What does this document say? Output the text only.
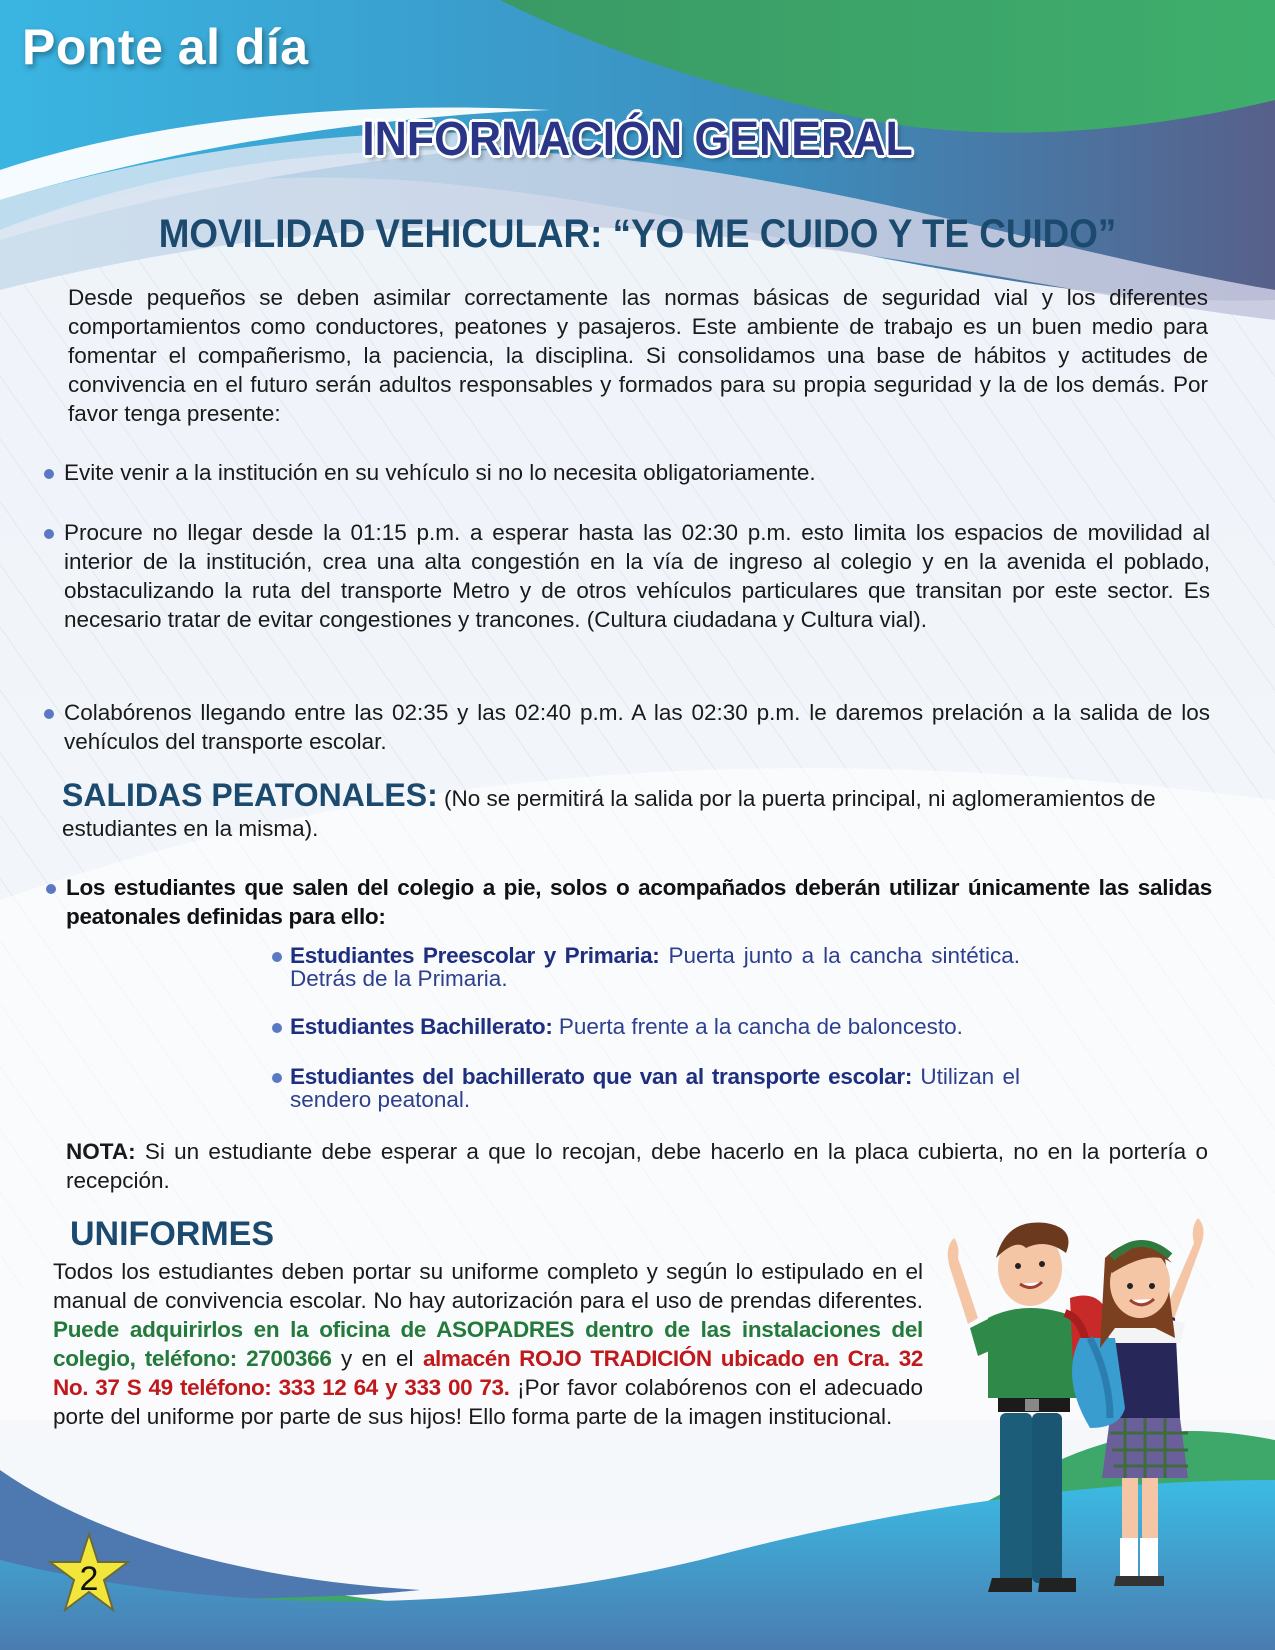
Ponte al día
INFORMACIÓN GENERAL
MOVILIDAD VEHICULAR: “YO ME CUIDO Y TE CUIDO”
Desde pequeños se deben asimilar correctamente las normas básicas de seguridad vial y los diferentes comportamientos como conductores, peatones y pasajeros. Este ambiente de trabajo es un buen medio para fomentar el compañerismo, la paciencia, la disciplina. Si consolidamos una base de hábitos y actitudes de convivencia en el futuro serán adultos responsables y formados para su propia seguridad y la de los demás. Por favor tenga presente:
Evite venir a la institución en su vehículo si no lo necesita obligatoriamente.
Procure no llegar desde la 01:15 p.m. a esperar hasta las 02:30 p.m. esto limita los espacios de movilidad al interior de la institución, crea una alta congestión en la vía de ingreso al colegio y en la avenida el poblado, obstaculizando la ruta del transporte Metro y de otros vehículos particulares que transitan por este sector. Es necesario tratar de evitar congestiones y trancones. (Cultura ciudadana y Cultura vial).
Colabórenos llegando entre las 02:35 y las 02:40 p.m. A las 02:30 p.m. le daremos prelación a la salida de los vehículos del transporte escolar.
SALIDAS PEATONALES: (No se permitirá la salida por la puerta principal, ni aglomeramientos de estudiantes en la misma).
Los estudiantes que salen del colegio a pie, solos o acompañados deberán utilizar únicamente las salidas peatonales definidas para ello:
Estudiantes Preescolar y Primaria: Puerta junto a la cancha sintética. Detrás de la Primaria.
Estudiantes Bachillerato: Puerta frente a la cancha de baloncesto.
Estudiantes del bachillerato que van al transporte escolar: Utilizan el sendero peatonal.
NOTA: Si un estudiante debe esperar a que lo recojan, debe hacerlo en la placa cubierta, no en la portería o recepción.
UNIFORMES
Todos los estudiantes deben portar su uniforme completo y según lo estipulado en el manual de convivencia escolar. No hay autorización para el uso de prendas diferentes. Puede adquirirlos en la oficina de ASOPADRES dentro de las instalaciones del colegio, teléfono: 2700366 y en el almacén ROJO TRADICIÓN ubicado en Cra. 32 No. 37 S 49 teléfono: 333 12 64 y 333 00 73. ¡Por favor colabórenos con el adecuado porte del uniforme por parte de sus hijos! Ello forma parte de la imagen institucional.
2
